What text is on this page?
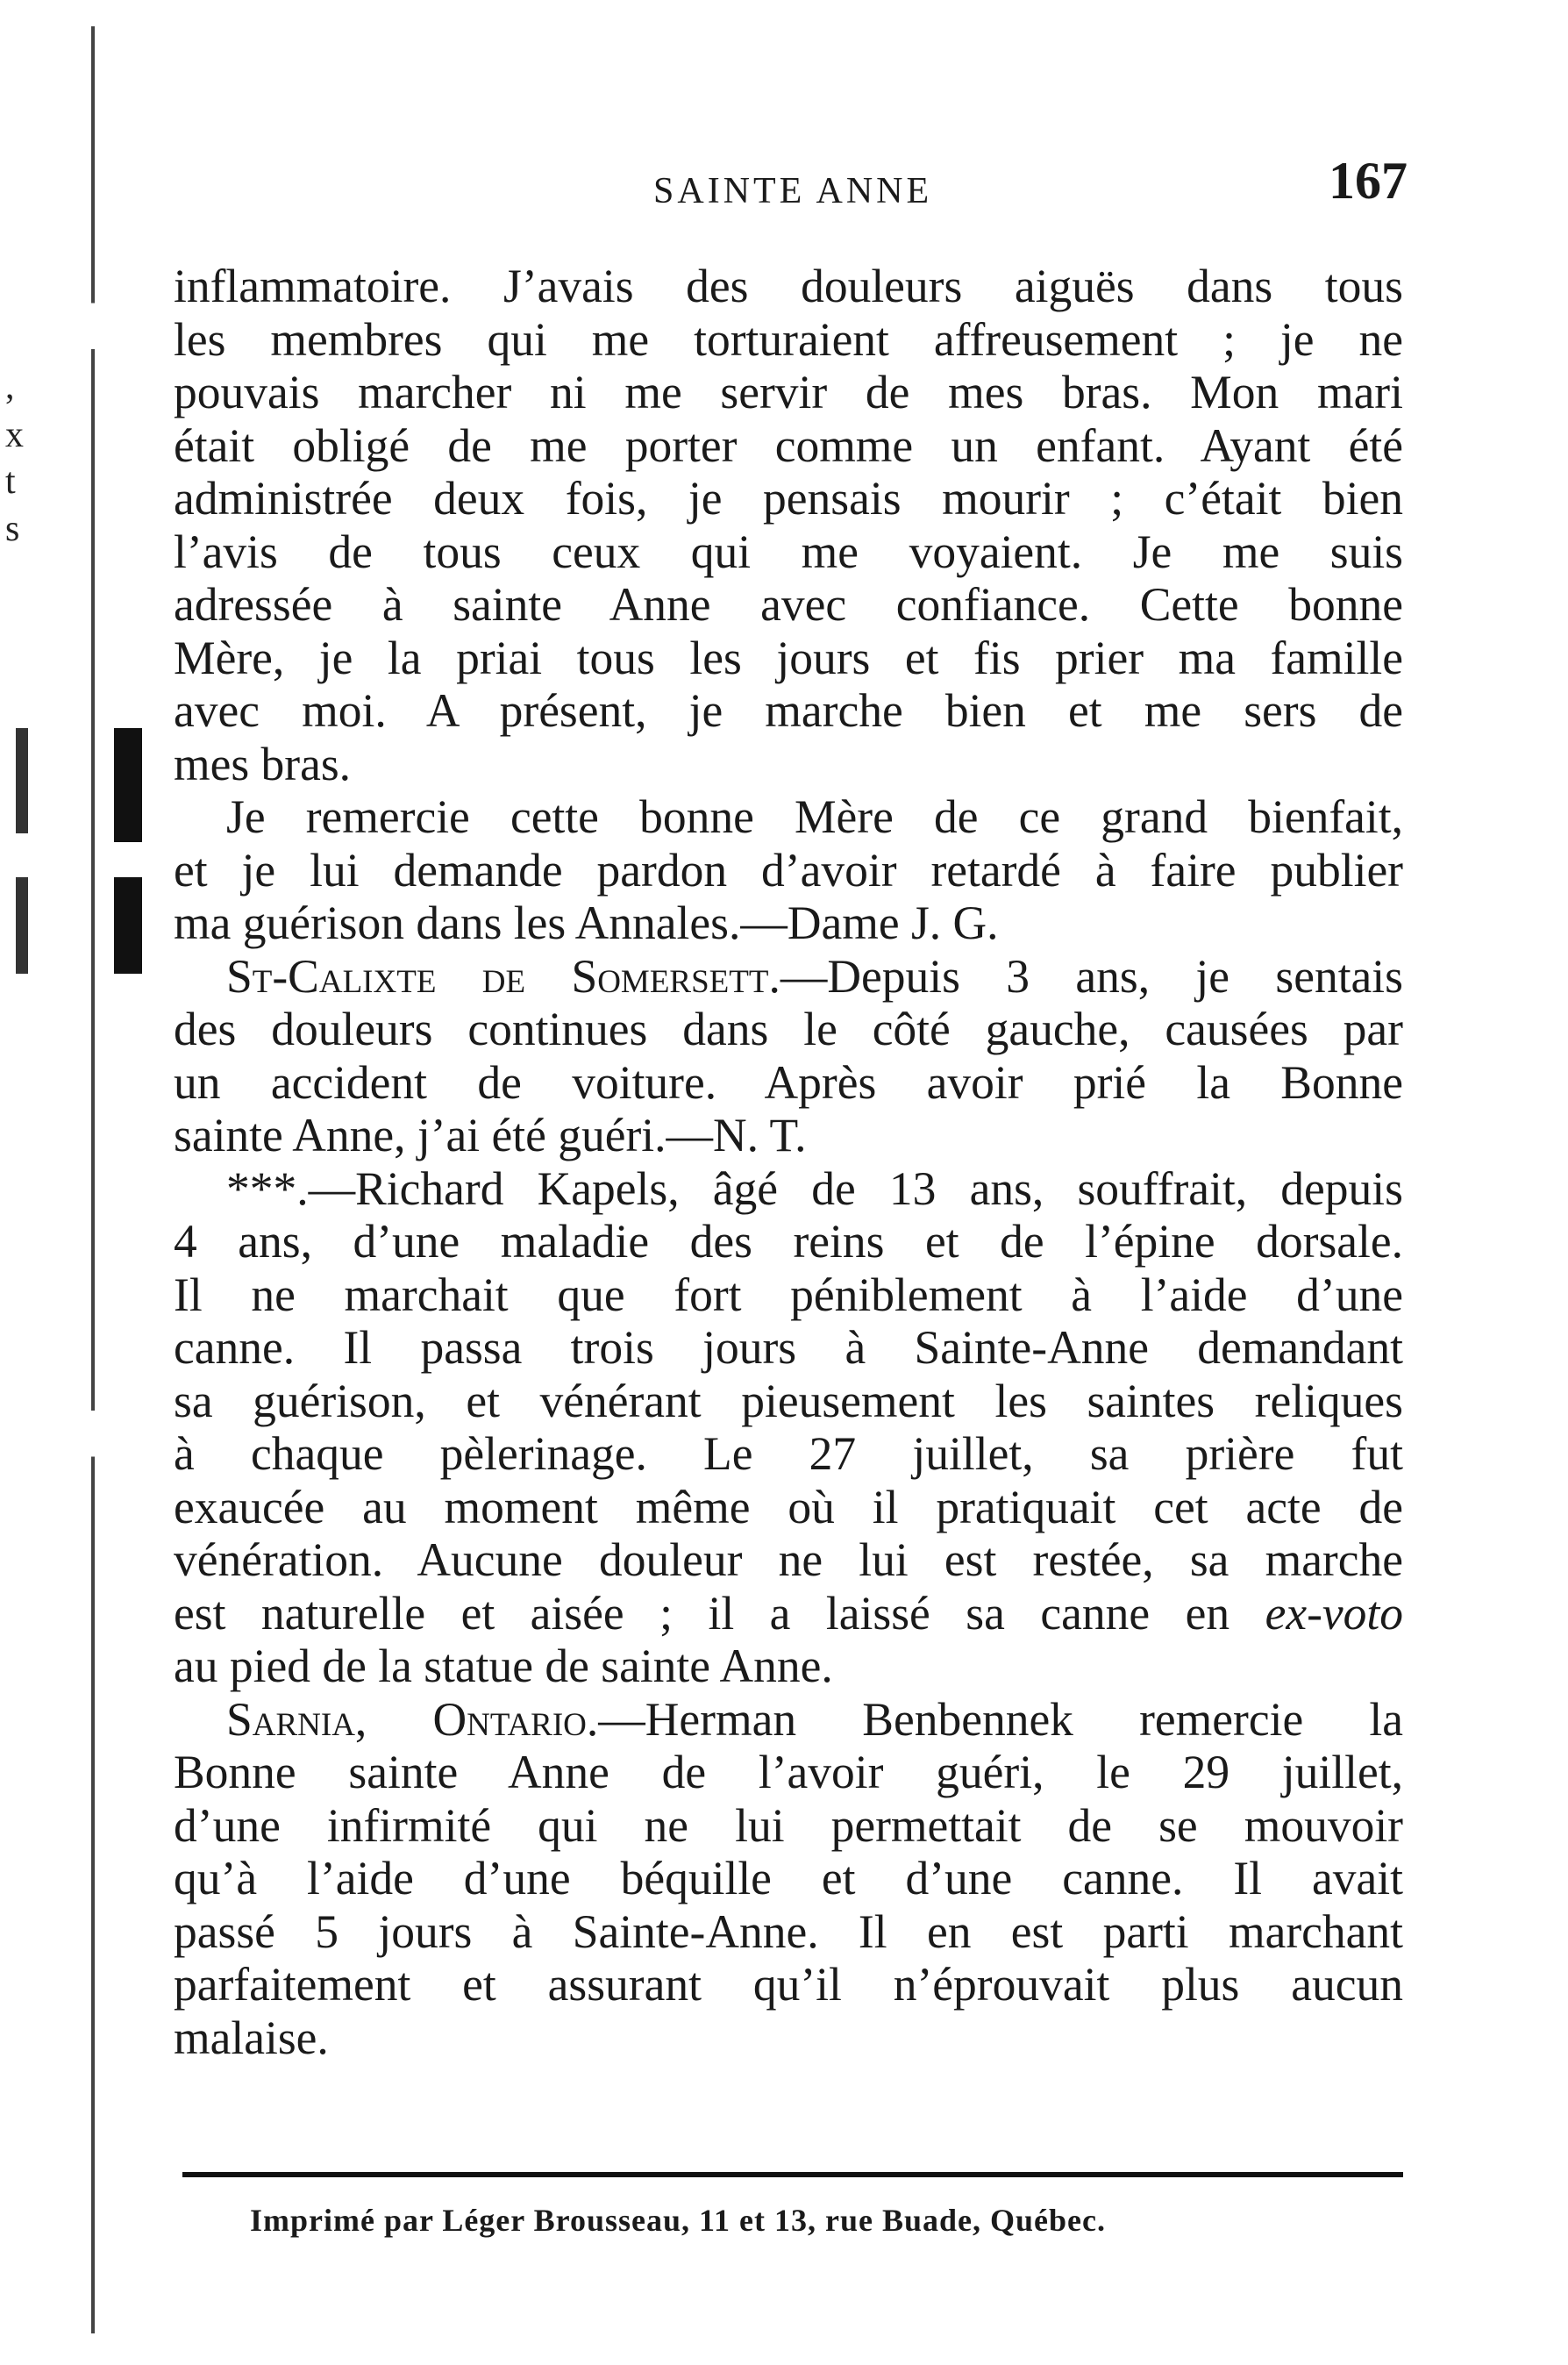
,
x
t
s
SAINTE ANNE	167
inflammatoire. J’avais des douleurs aiguës dans tous
les membres qui me torturaient affreusement ; je ne
pouvais marcher ni me servir de mes bras. Mon mari
était obligé de me porter comme un enfant. Ayant été
administrée deux fois, je pensais mourir ; c’était bien
l’avis de tous ceux qui me voyaient. Je me suis
adressée à sainte Anne avec confiance. Cette bonne
Mère, je la priai tous les jours et fis prier ma famille
avec moi. A présent, je marche bien et me sers de
mes bras.
Je remercie cette bonne Mère de ce grand bienfait,
et je lui demande pardon d’avoir retardé à faire publier
ma guérison dans les Annales.—Dame J. G.
St-Calixte de Somersett.—Depuis 3 ans, je sentais
des douleurs continues dans le côté gauche, causées par
un accident de voiture. Après avoir prié la Bonne
sainte Anne, j’ai été guéri.—N. T.
***.—Richard Kapels, âgé de 13 ans, souffrait, depuis
4 ans, d’une maladie des reins et de l’épine dorsale.
Il ne marchait que fort péniblement à l’aide d’une
canne. Il passa trois jours à Sainte-Anne demandant
sa guérison, et vénérant pieusement les saintes reliques
à chaque pèlerinage. Le 27 juillet, sa prière fut
exaucée au moment même où il pratiquait cet acte de
vénération. Aucune douleur ne lui est restée, sa marche
est naturelle et aisée ; il a laissé sa canne en ex-voto
au pied de la statue de sainte Anne.
Sarnia, Ontario.—Herman Benbennek remercie la
Bonne sainte Anne de l’avoir guéri, le 29 juillet,
d’une infirmité qui ne lui permettait de se mouvoir
qu’à l’aide d’une béquille et d’une canne. Il avait
passé 5 jours à Sainte-Anne. Il en est parti marchant
parfaitement et assurant qu’il n’éprouvait plus aucun
malaise.
Imprimé par Léger Brousseau, 11 et 13, rue Buade, Québec.
